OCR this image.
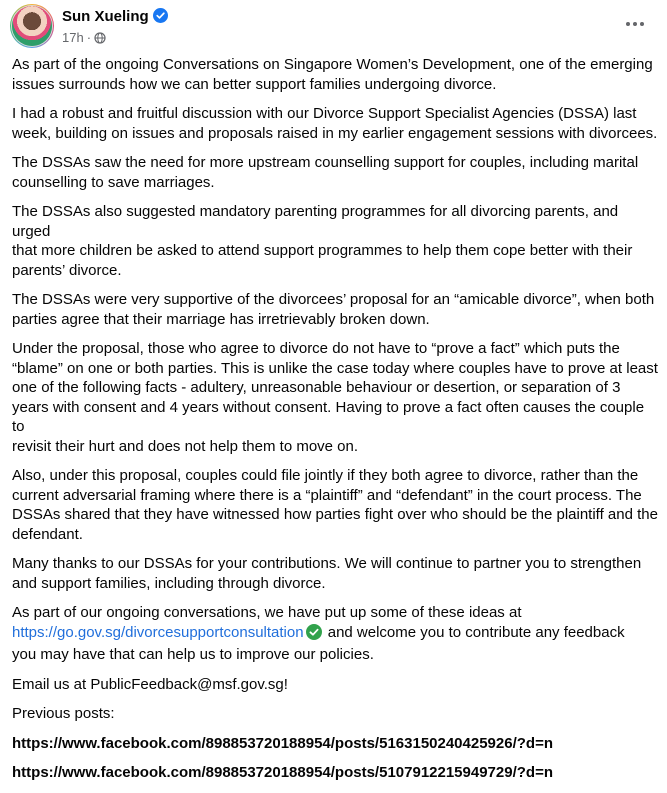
Sun Xueling
17h ·

As part of the ongoing Conversations on Singapore Women’s Development, one of the emerging
issues surrounds how we can better support families undergoing divorce.

I had a robust and fruitful discussion with our Divorce Support Specialist Agencies (DSSA) last
week, building on issues and proposals raised in my earlier engagement sessions with divorcees.

The DSSAs saw the need for more upstream counselling support for couples, including marital
counselling to save marriages.

The DSSAs also suggested mandatory parenting programmes for all divorcing parents, and urged
that more children be asked to attend support programmes to help them cope better with their
parents’ divorce.

The DSSAs were very supportive of the divorcees’ proposal for an “amicable divorce”, when both
parties agree that their marriage has irretrievably broken down.

Under the proposal, those who agree to divorce do not have to “prove a fact” which puts the
“blame” on one or both parties. This is unlike the case today where couples have to prove at least
one of the following facts - adultery, unreasonable behaviour or desertion, or separation of 3
years with consent and 4 years without consent. Having to prove a fact often causes the couple to
revisit their hurt and does not help them to move on.

Also, under this proposal, couples could file jointly if they both agree to divorce, rather than the
current adversarial framing where there is a “plaintiff” and “defendant” in the court process. The
DSSAs shared that they have witnessed how parties fight over who should be the plaintiff and the
defendant.

Many thanks to our DSSAs for your contributions. We will continue to partner you to strengthen
and support families, including through divorce.

As part of our ongoing conversations, we have put up some of these ideas at
https://go.gov.sg/divorcesupportconsultation and welcome you to contribute any feedback
you may have that can help us to improve our policies.

Email us at PublicFeedback@msf.gov.sg!

Previous posts:

https://www.facebook.com/898853720188954/posts/5163150240425926/?d=n

https://www.facebook.com/898853720188954/posts/5107912215949729/?d=n
